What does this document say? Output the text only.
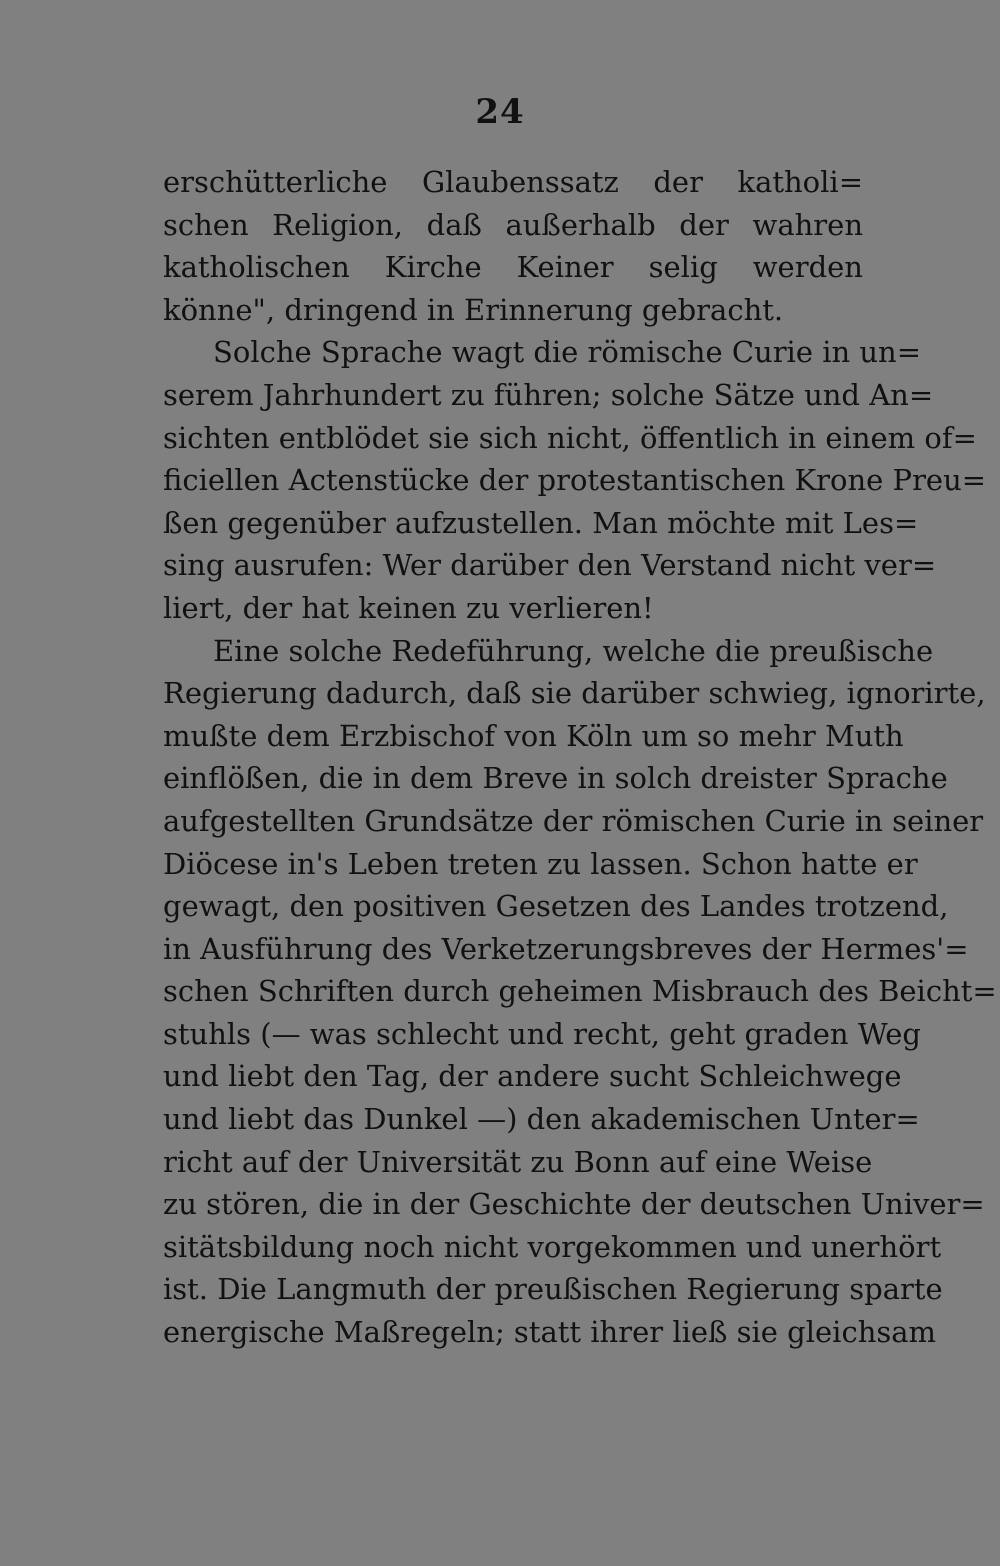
24
erschütterliche Glaubenssatz der katholi=
schen Religion, daß außerhalb der wahren
katholischen Kirche Keiner selig werden
könne", dringend in Erinnerung gebracht.
Solche Sprache wagt die römische Curie in un=
serem Jahrhundert zu führen; solche Sätze und An=
sichten entblödet sie sich nicht, öffentlich in einem of=
ficiellen Actenstücke der protestantischen Krone Preu=
ßen gegenüber aufzustellen. Man möchte mit Les=
sing ausrufen: Wer darüber den Verstand nicht ver=
liert, der hat keinen zu verlieren!
Eine solche Redeführung, welche die preußische
Regierung dadurch, daß sie darüber schwieg, ignorirte,
mußte dem Erzbischof von Köln um so mehr Muth
einflößen, die in dem Breve in solch dreister Sprache
aufgestellten Grundsätze der römischen Curie in seiner
Diöcese in's Leben treten zu lassen. Schon hatte er
gewagt, den positiven Gesetzen des Landes trotzend,
in Ausführung des Verketzerungsbreves der Hermes'=
schen Schriften durch geheimen Misbrauch des Beicht=
stuhls (— was schlecht und recht, geht graden Weg
und liebt den Tag, der andere sucht Schleichwege
und liebt das Dunkel —) den akademischen Unter=
richt auf der Universität zu Bonn auf eine Weise
zu stören, die in der Geschichte der deutschen Univer=
sitätsbildung noch nicht vorgekommen und unerhört
ist. Die Langmuth der preußischen Regierung sparte
energische Maßregeln; statt ihrer ließ sie gleichsam
